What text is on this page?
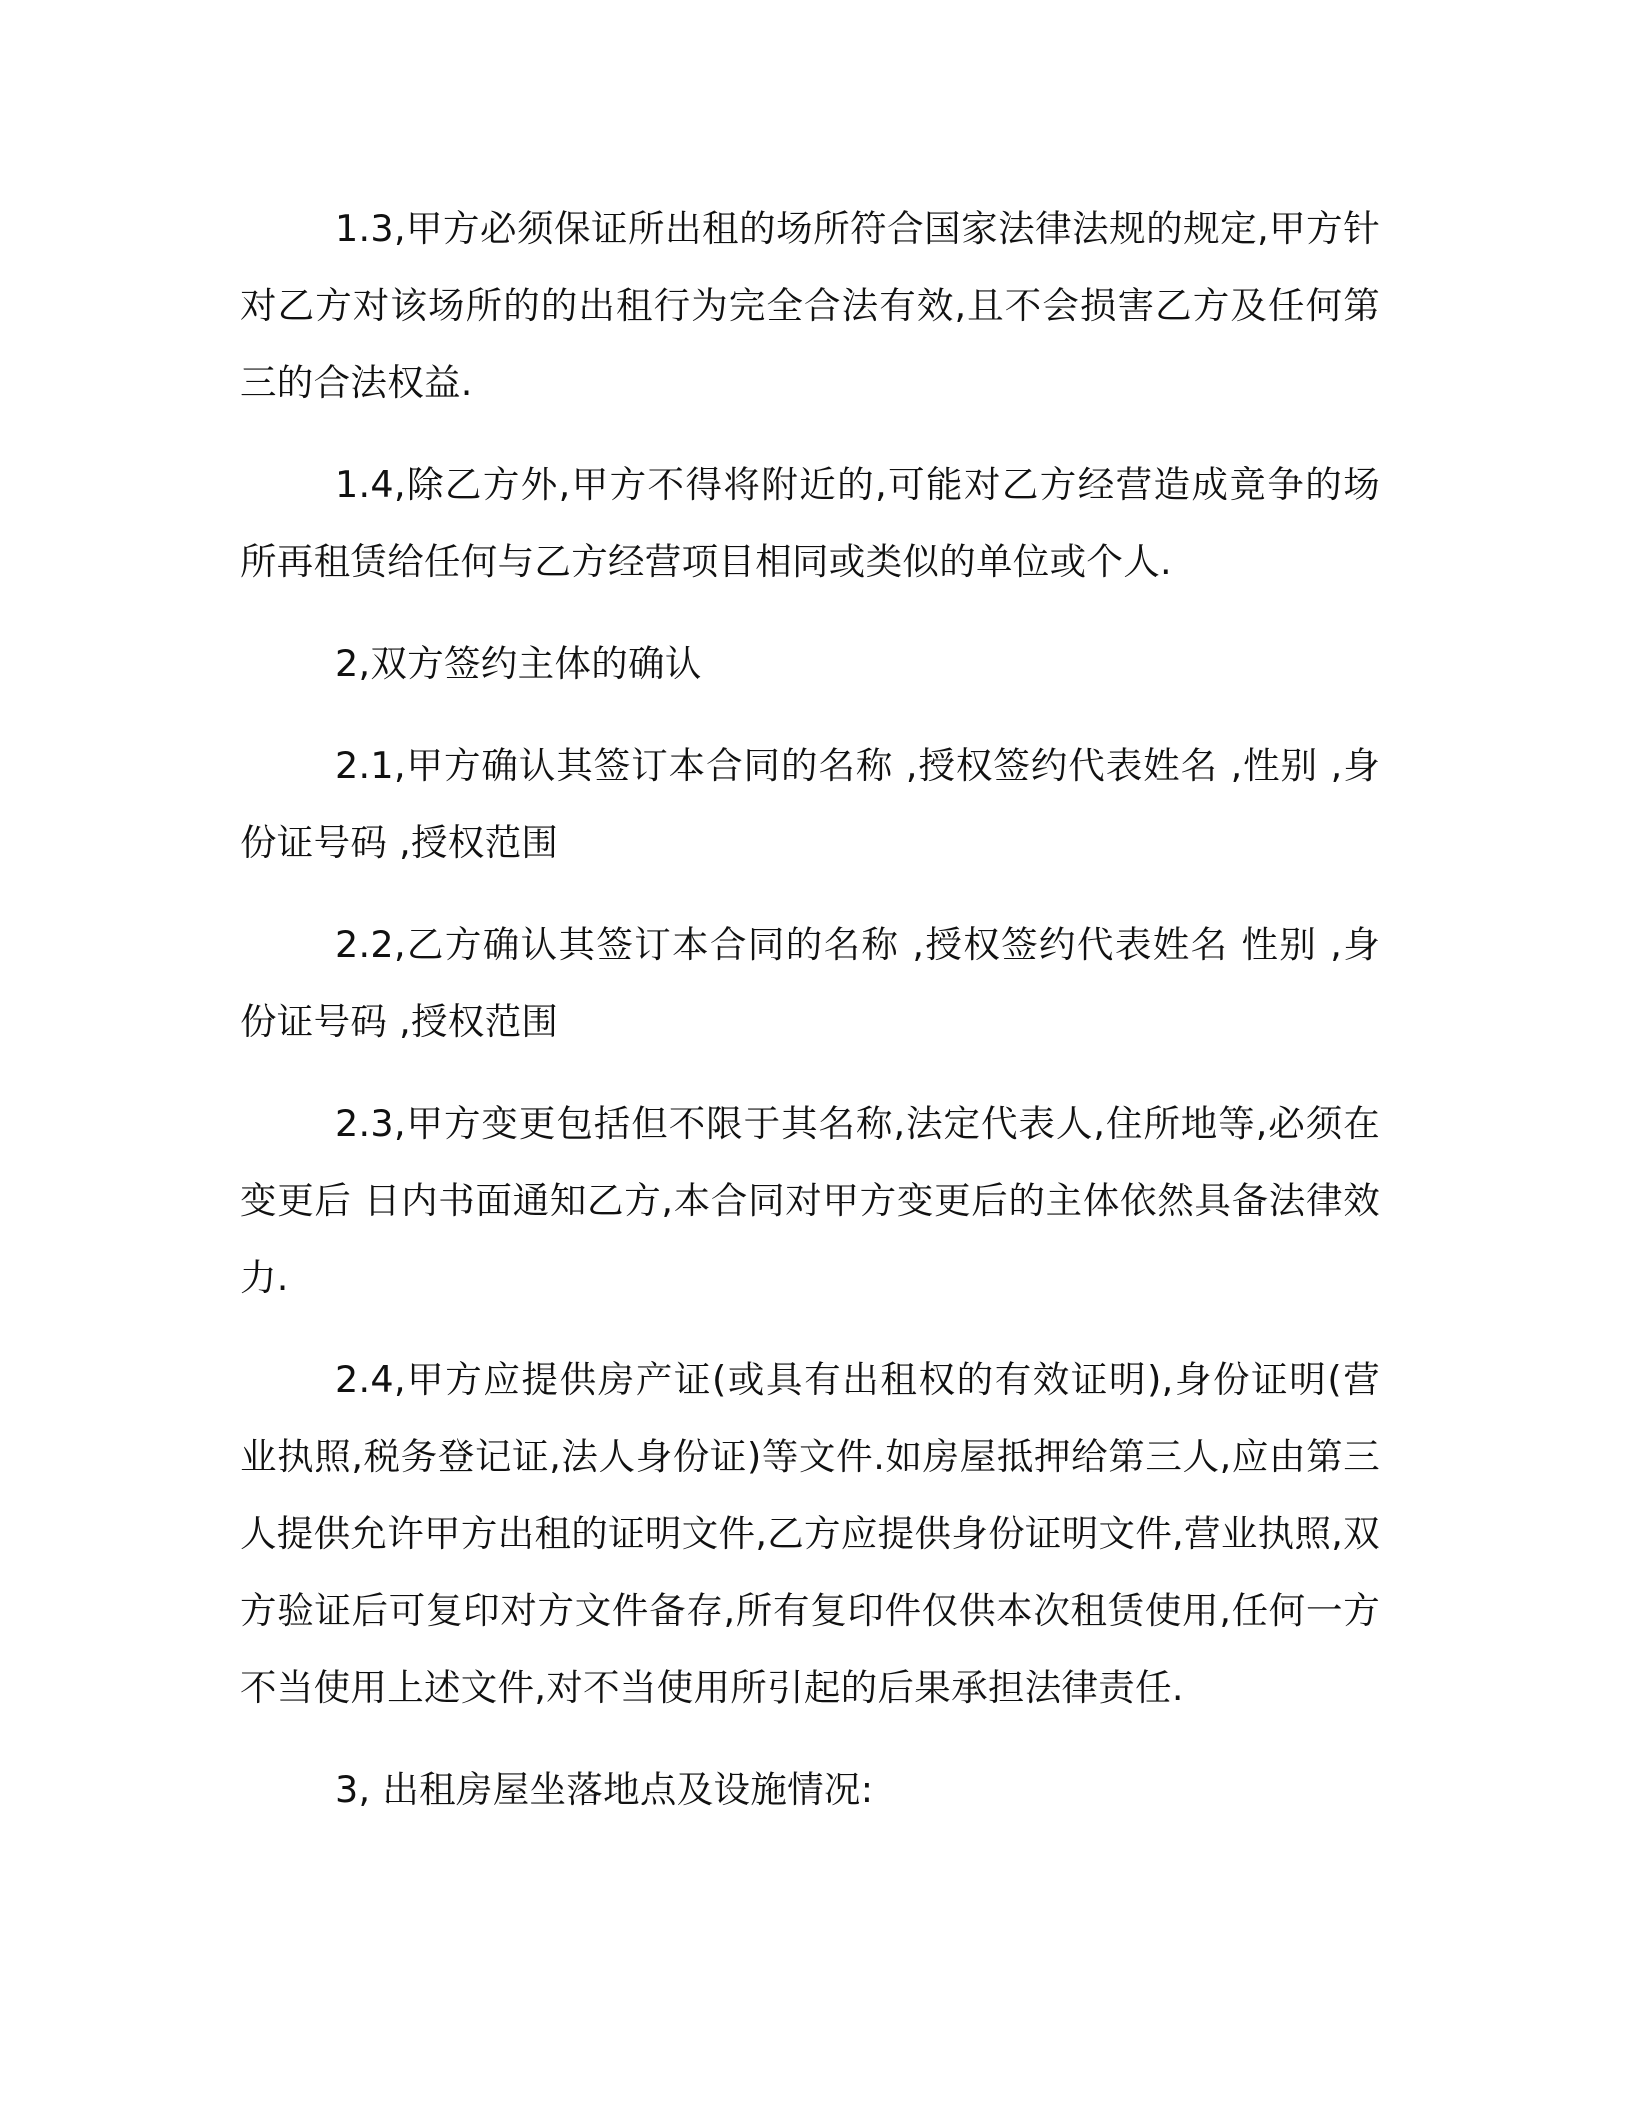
1.3,甲方必须保证所出租的场所符合国家法律法规的规定,甲方针对乙方对该场所的的出租行为完全合法有效,且不会损害乙方及任何第三的合法权益.

1.4,除乙方外,甲方不得将附近的,可能对乙方经营造成竟争的场所再租赁给任何与乙方经营项目相同或类似的单位或个人.

2,双方签约主体的确认

2.1,甲方确认其签订本合同的名称 ,授权签约代表姓名 ,性别 ,身份证号码 ,授权范围

2.2,乙方确认其签订本合同的名称 ,授权签约代表姓名 性别 ,身份证号码 ,授权范围

2.3,甲方变更包括但不限于其名称,法定代表人,住所地等,必须在变更后 日内书面通知乙方,本合同对甲方变更后的主体依然具备法律效力.

2.4,甲方应提供房产证(或具有出租权的有效证明),身份证明(营业执照,税务登记证,法人身份证)等文件.如房屋抵押给第三人,应由第三人提供允许甲方出租的证明文件,乙方应提供身份证明文件,营业执照,双方验证后可复印对方文件备存,所有复印件仅供本次租赁使用,任何一方不当使用上述文件,对不当使用所引起的后果承担法律责任.

3, 出租房屋坐落地点及设施情况:
